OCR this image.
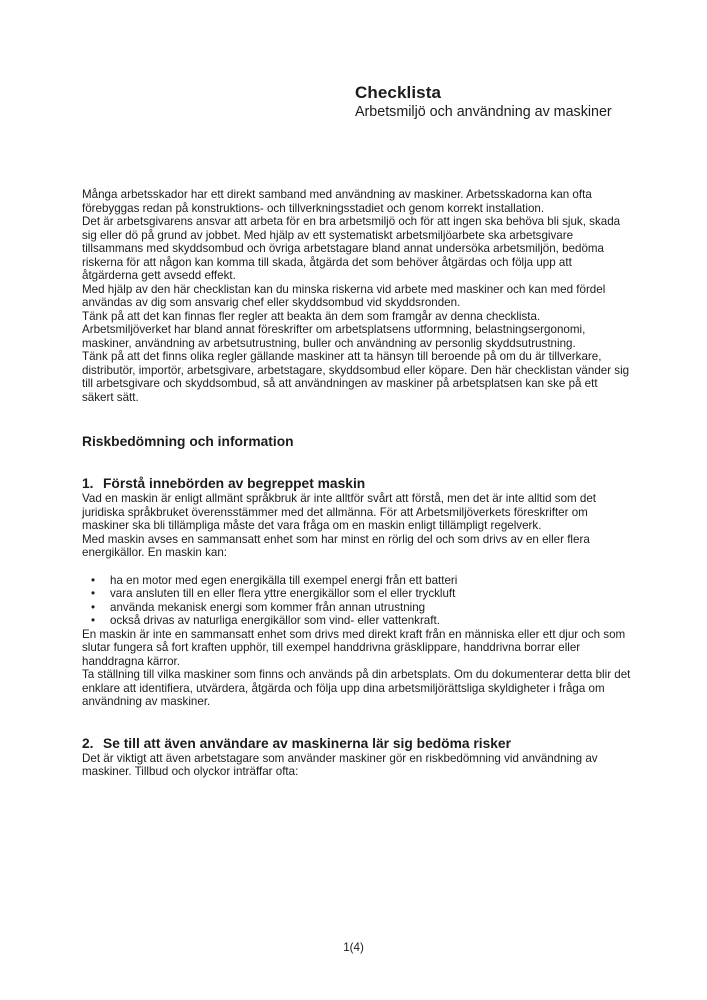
Checklista
Arbetsmiljö och användning av maskiner

Många arbetsskador har ett direkt samband med användning av maskiner. Arbetsskadorna kan ofta förebyggas redan på konstruktions- och tillverkningsstadiet och genom korrekt installation.

Det är arbetsgivarens ansvar att arbeta för en bra arbetsmiljö och för att ingen ska behöva bli sjuk, skada sig eller dö på grund av jobbet. Med hjälp av ett systematiskt arbetsmiljöarbete ska arbetsgivare tillsammans med skyddsombud och övriga arbetstagare bland annat undersöka arbetsmiljön, bedöma riskerna för att någon kan komma till skada, åtgärda det som behöver åtgärdas och följa upp att åtgärderna gett avsedd effekt.

Med hjälp av den här checklistan kan du minska riskerna vid arbete med maskiner och kan med fördel användas av dig som ansvarig chef eller skyddsombud vid skyddsronden.

Tänk på att det kan finnas fler regler att beakta än dem som framgår av denna checklista. Arbetsmiljöverket har bland annat föreskrifter om arbetsplatsens utformning, belastningsergonomi, maskiner, användning av arbetsutrustning, buller och användning av personlig skyddsutrustning.

Tänk på att det finns olika regler gällande maskiner att ta hänsyn till beroende på om du är tillverkare, distributör, importör, arbetsgivare, arbetstagare, skyddsombud eller köpare. Den här checklistan vänder sig till arbetsgivare och skyddsombud, så att användningen av maskiner på arbetsplatsen kan ske på ett säkert sätt.

Riskbedömning och information
1. Förstå innebörden av begreppet maskin

Vad en maskin är enligt allmänt språkbruk är inte alltför svårt att förstå, men det är inte alltid som det juridiska språkbruket överensstämmer med det allmänna. För att Arbetsmiljöverkets föreskrifter om maskiner ska bli tillämpliga måste det vara fråga om en maskin enligt tillämpligt regelverk.

Med maskin avses en sammansatt enhet som har minst en rörlig del och som drivs av en eller flera energikällor. En maskin kan:

• ha en motor med egen energikälla till exempel energi från ett batteri
• vara ansluten till en eller flera yttre energikällor som el eller tryckluft
• använda mekanisk energi som kommer från annan utrustning
• också drivas av naturliga energikällor som vind- eller vattenkraft.

En maskin är inte en sammansatt enhet som drivs med direkt kraft från en människa eller ett djur och som slutar fungera så fort kraften upphör, till exempel handdrivna gräsklippare, handdrivna borrar eller handdragna kärror.

Ta ställning till vilka maskiner som finns och används på din arbetsplats. Om du dokumenterar detta blir det enklare att identifiera, utvärdera, åtgärda och följa upp dina arbetsmiljörättsliga skyldigheter i fråga om användning av maskiner.

2. Se till att även användare av maskinerna lär sig bedöma risker

Det är viktigt att även arbetstagare som använder maskiner gör en riskbedömning vid användning av maskiner. Tillbud och olyckor inträffar ofta:

1(4)
